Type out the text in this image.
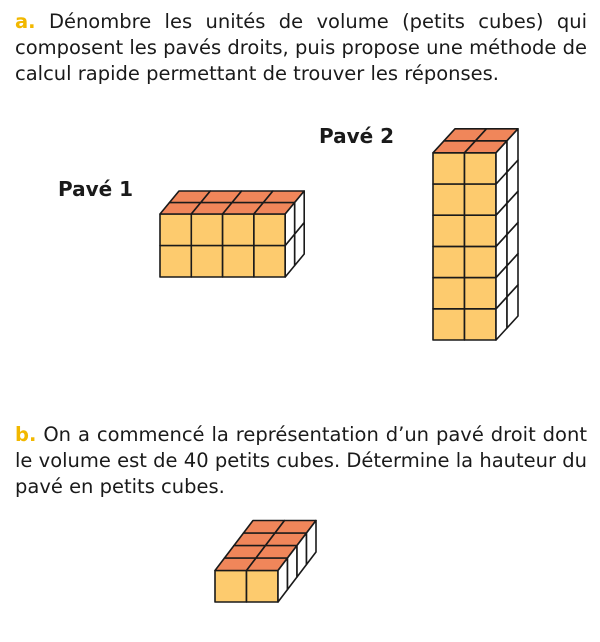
a. Dénombre les unités de volume (petits cubes) qui composent les pavés droits, puis propose une méthode de calcul rapide permettant de trouver les réponses.

Pavé 1
Pavé 2

b. On a commencé la représentation d’un pavé droit dont le volume est de 40 petits cubes. Détermine la hauteur du pavé en petits cubes.
